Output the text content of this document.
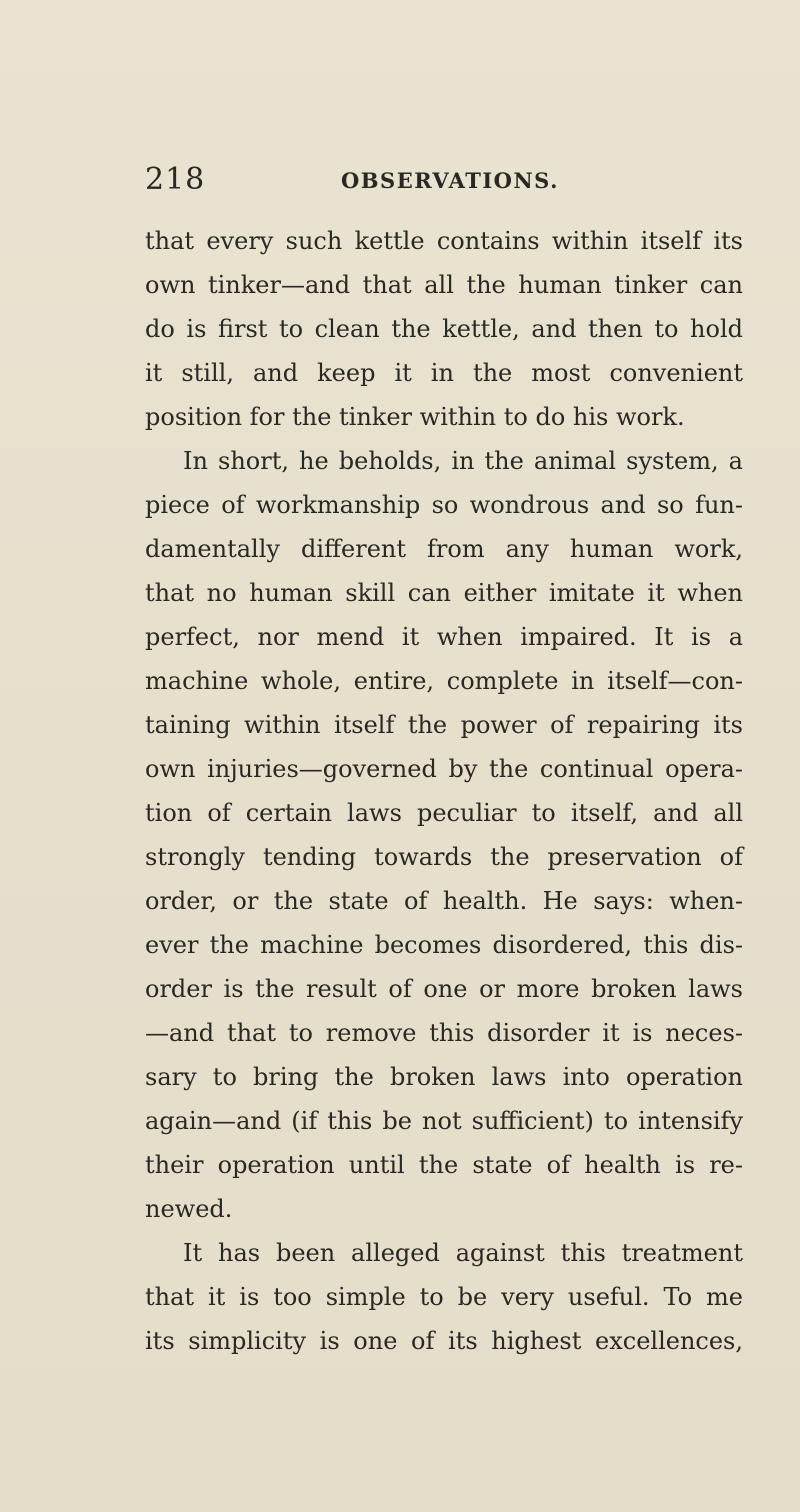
218	OBSERVATIONS.
that every such kettle contains within itself its
own tinker—and that all the human tinker can
do is first to clean the kettle, and then to hold
it still, and keep it in the most convenient
position for the tinker within to do his work.
In short, he beholds, in the animal system, a
piece of workmanship so wondrous and so fun-
damentally different from any human work,
that no human skill can either imitate it when
perfect, nor mend it when impaired. It is a
machine whole, entire, complete in itself—con-
taining within itself the power of repairing its
own injuries—governed by the continual opera-
tion of certain laws peculiar to itself, and all
strongly tending towards the preservation of
order, or the state of health. He says: when-
ever the machine becomes disordered, this dis-
order is the result of one or more broken laws
—and that to remove this disorder it is neces-
sary to bring the broken laws into operation
again—and (if this be not sufficient) to intensify
their operation until the state of health is re-
newed.
It has been alleged against this treatment
that it is too simple to be very useful. To me
its simplicity is one of its highest excellences,
